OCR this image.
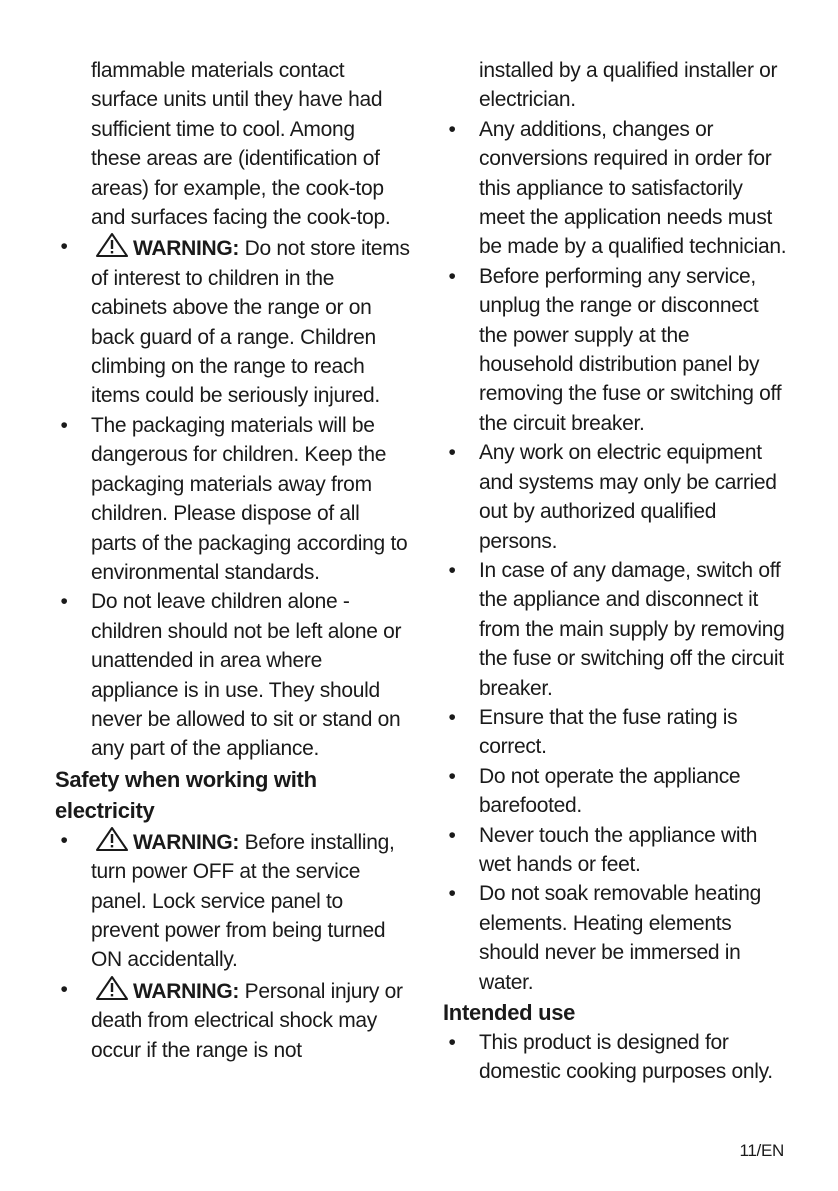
flammable materials contact surface units until they have had sufficient time to cool. Among these areas are (identification of areas) for example, the cook-top and surfaces facing the cook-top.
•	WARNING: Do not store items of interest to children in the cabinets above the range or on back guard of a range. Children climbing on the range to reach items could be seriously injured.
• The packaging materials will be dangerous for children. Keep the packaging materials away from children. Please dispose of all parts of the packaging according to environmental standards.
• Do not leave children alone - children should not be left alone or unattended in area where appliance is in use. They should never be allowed to sit or stand on any part of the appliance.
Safety when working with electricity
•	WARNING: Before installing, turn power OFF at the service panel. Lock service panel to prevent power from being turned ON accidentally.
•	WARNING: Personal injury or death from electrical shock may occur if the range is not
installed by a qualified installer or electrician.
• Any additions, changes or conversions required in order for this appliance to satisfactorily meet the application needs must be made by a qualified technician.
• Before performing any service, unplug the range or disconnect the power supply at the household distribution panel by removing the fuse or switching off the circuit breaker.
• Any work on electric equipment and systems may only be carried out by authorized qualified persons.
• In case of any damage, switch off the appliance and disconnect it from the main supply by removing the fuse or switching off the circuit breaker.
• Ensure that the fuse rating is correct.
• Do not operate the appliance barefooted.
• Never touch the appliance with wet hands or feet.
• Do not soak removable heating elements. Heating elements should never be immersed in water.
Intended use
• This product is designed for domestic cooking purposes only.
11/EN
